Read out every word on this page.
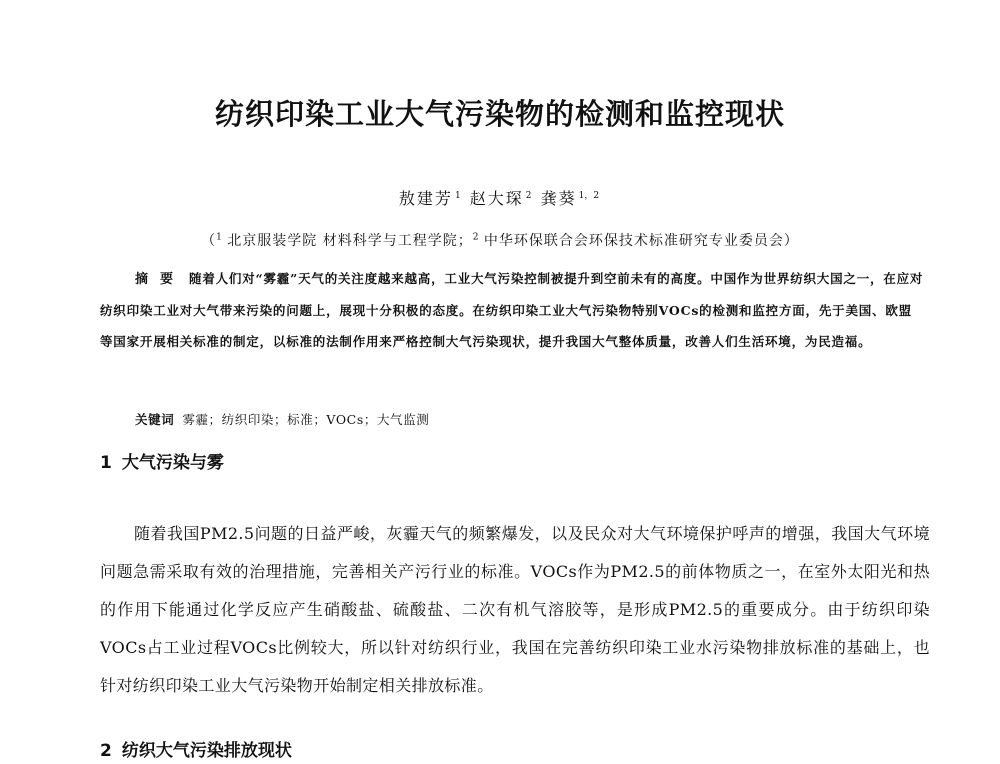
纺织印染工业大气污染物的检测和监控现状
敖建芳 $^1$ 赵大琛 $^2$ 龚葵 $^{1,2}$
（$^1$ 北京服装学院 材料科学与工程学院；$^2$ 中华环保联合会环保技术标准研究专业委员会）
摘要 随着人们对“雾霾”天气的关注度越来越高，工业大气污染控制被提升到空前未有的高度。中国作为世界纺织大国之一，在应对纺织印染工业对大气带来污染的问题上，展现十分积极的态度。在纺织印染工业大气污染物特别VOCs的检测和监控方面，先于美国、欧盟等国家开展相关标准的制定，以标准的法制作用来严格控制大气污染现状，提升我国大气整体质量，改善人们生活环境，为民造福。
关键词 雾霾；纺织印染；标准；VOCs；大气监测
1 大气污染与雾
随着我国PM2.5问题的日益严峻，灰霾天气的频繁爆发，以及民众对大气环境保护呼声的增强，我国大气环境问题急需采取有效的治理措施，完善相关产污行业的标准。VOCs作为PM2.5的前体物质之一，在室外太阳光和热的作用下能通过化学反应产生硝酸盐、硫酸盐、二次有机气溶胶等，是形成PM2.5的重要成分。由于纺织印染VOCs占工业过程VOCs比例较大，所以针对纺织行业，我国在完善纺织印染工业水污染物排放标准的基础上，也针对纺织印染工业大气污染物开始制定相关排放标准。
2 纺织大气污染排放现状
